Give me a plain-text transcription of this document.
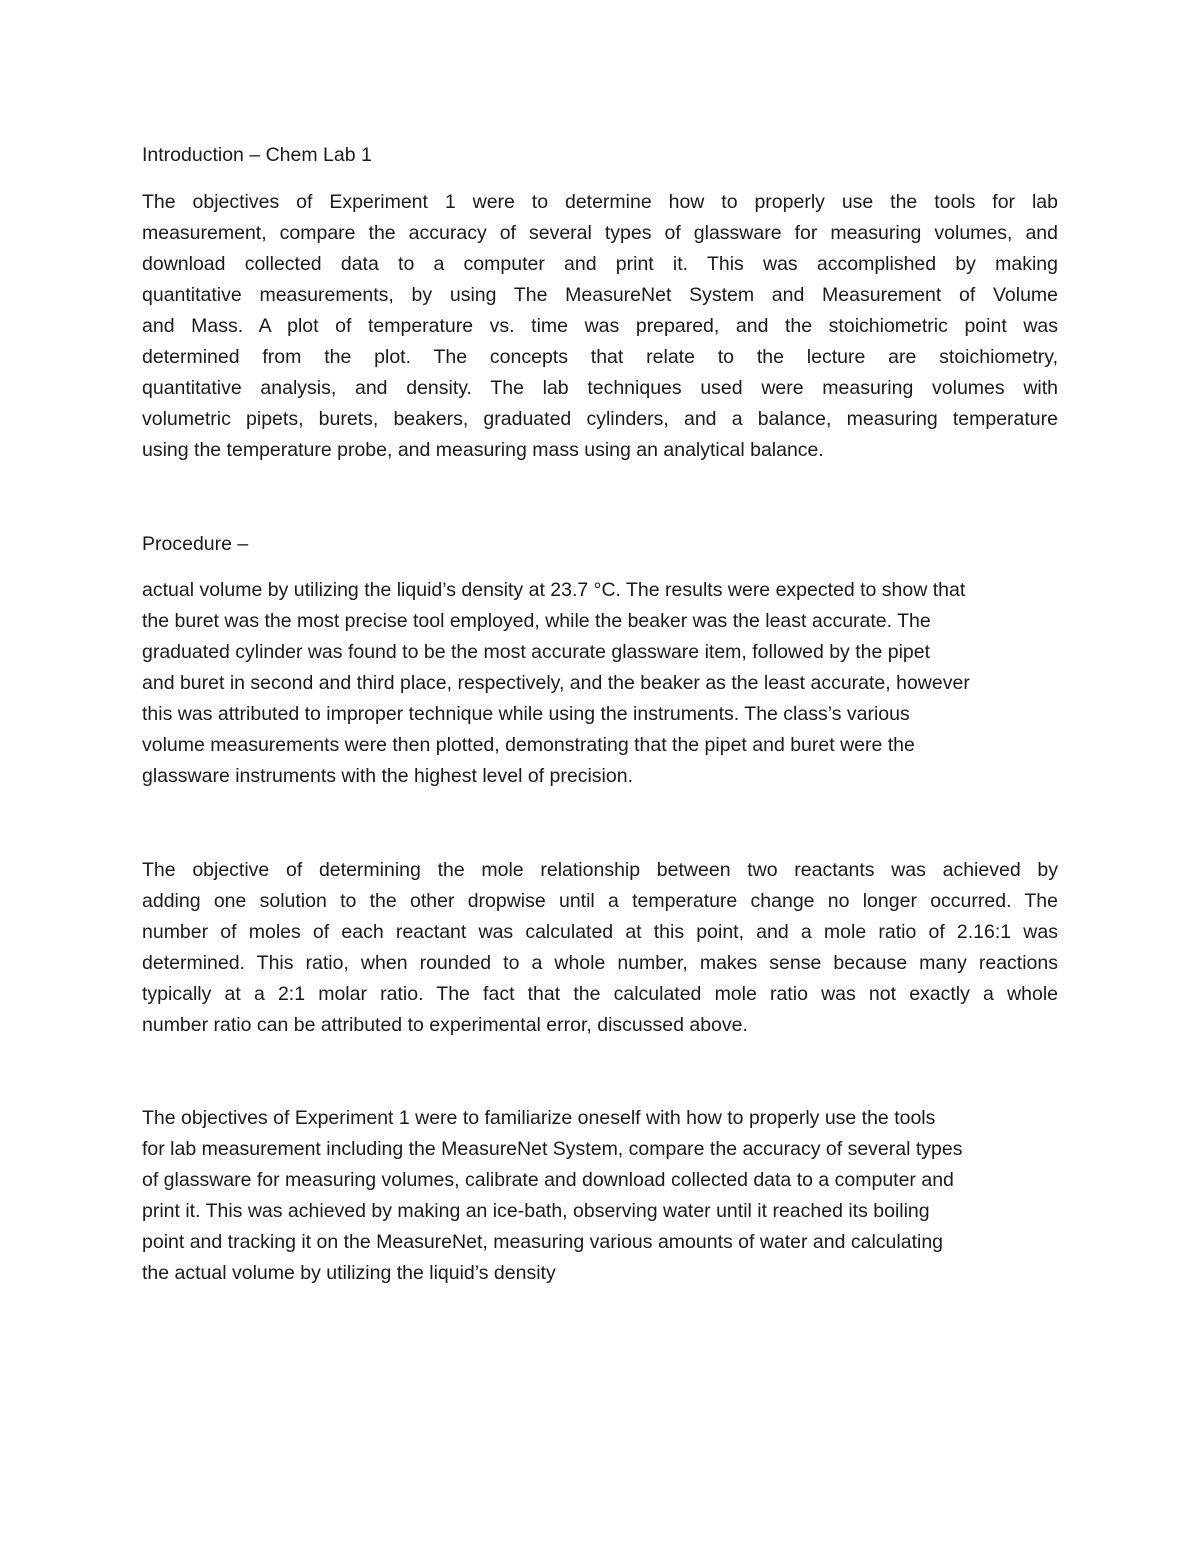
Introduction – Chem Lab 1
The objectives of Experiment 1 were to determine how to properly use the tools for lab
measurement, compare the accuracy of several types of glassware for measuring volumes, and
download collected data to a computer and print it. This was accomplished by making
quantitative measurements, by using The MeasureNet System and Measurement of Volume
and Mass. A plot of temperature vs. time was prepared, and the stoichiometric point was
determined from the plot. The concepts that relate to the lecture are stoichiometry,
quantitative analysis, and density. The lab techniques used were measuring volumes with
volumetric pipets, burets, beakers, graduated cylinders, and a balance, measuring temperature
using the temperature probe, and measuring mass using an analytical balance.
Procedure –
actual volume by utilizing the liquid’s density at 23.7 °C. The results were expected to show that
the buret was the most precise tool employed, while the beaker was the least accurate. The
graduated cylinder was found to be the most accurate glassware item, followed by the pipet
and buret in second and third place, respectively, and the beaker as the least accurate, however
this was attributed to improper technique while using the instruments. The class’s various
volume measurements were then plotted, demonstrating that the pipet and buret were the
glassware instruments with the highest level of precision.
The objective of determining the mole relationship between two reactants was achieved by
adding one solution to the other dropwise until a temperature change no longer occurred. The
number of moles of each reactant was calculated at this point, and a mole ratio of 2.16:1 was
determined. This ratio, when rounded to a whole number, makes sense because many reactions
typically at a 2:1 molar ratio. The fact that the calculated mole ratio was not exactly a whole
number ratio can be attributed to experimental error, discussed above.
The objectives of Experiment 1 were to familiarize oneself with how to properly use the tools
for lab measurement including the MeasureNet System, compare the accuracy of several types
of glassware for measuring volumes, calibrate and download collected data to a computer and
print it. This was achieved by making an ice-bath, observing water until it reached its boiling
point and tracking it on the MeasureNet, measuring various amounts of water and calculating
the actual volume by utilizing the liquid’s density
